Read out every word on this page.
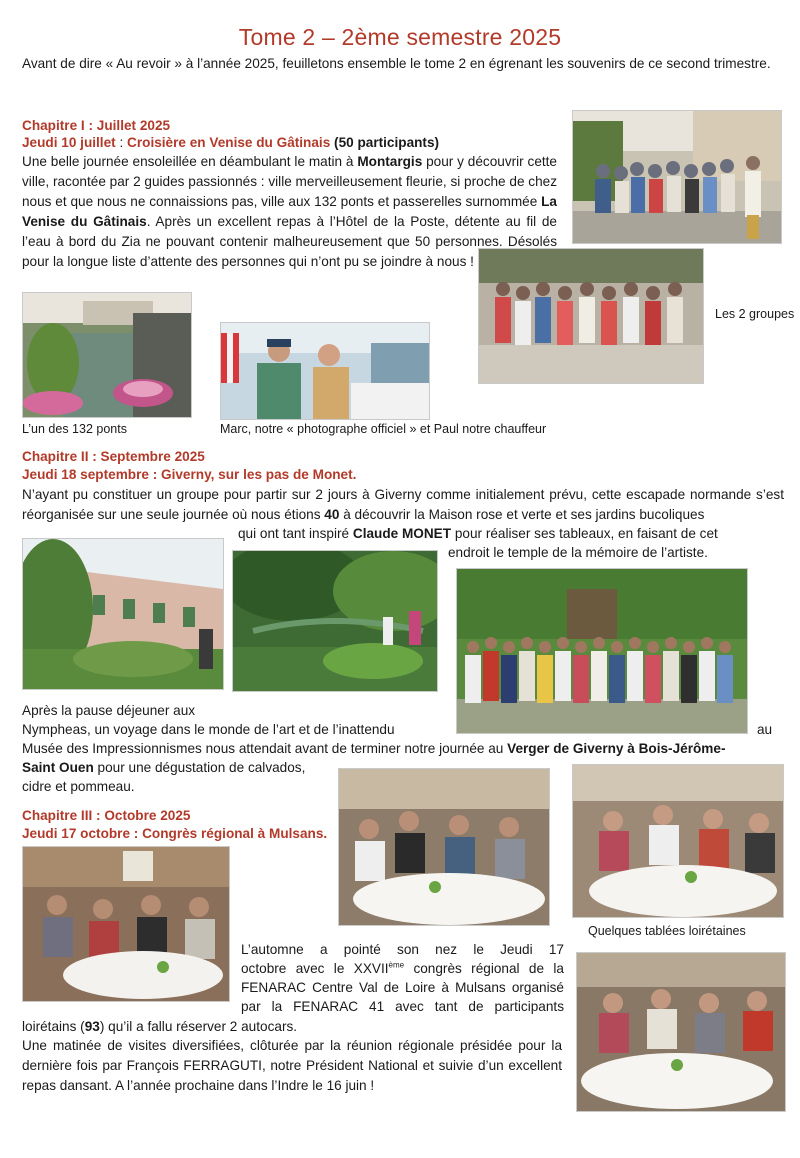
Tome 2 – 2ème semestre 2025
Avant de dire « Au revoir » à l’année 2025, feuilletons ensemble le tome 2 en égrenant les souvenirs de ce second trimestre.
Chapitre I : Juillet 2025
Jeudi 10 juillet : Croisière en Venise du Gâtinais (50 participants)
Une belle journée ensoleillée en déambulant le matin à Montargis pour y découvrir cette ville, racontée par 2 guides passionnés : ville merveilleusement fleurie, si proche de chez nous et que nous ne connaissions pas, ville aux 132 ponts et passerelles surnommée La Venise du Gâtinais. Après un excellent repas à l’Hôtel de la Poste, détente au fil de l’eau à bord du Zia ne pouvant contenir malheureusement que 50 personnes. Désolés pour la longue liste d’attente des personnes qui n’ont pu se joindre à nous !
Les 2 groupes
L’un des 132 ponts	Marc, notre « photographe officiel » et Paul notre chauffeur
Chapitre II : Septembre 2025
Jeudi 18 septembre : Giverny, sur les pas de Monet.
N’ayant pu constituer un groupe pour partir sur 2 jours à Giverny comme initialement prévu, cette escapade normande s’est réorganisée sur une seule journée où nous étions 40 à découvrir la Maison rose et verte et ses jardins bucoliques
qui ont tant inspiré Claude MONET pour réaliser ses tableaux, en faisant de cet
endroit le temple de la mémoire de l’artiste.
Après la pause déjeuner aux
Nympheas, un voyage dans le monde de l’art et de l’inattendu	au
Musée des Impressionnismes nous attendait avant de terminer notre journée au Verger de Giverny à Bois-Jérôme-
Saint Ouen pour une dégustation de calvados,
cidre et pommeau.
Chapitre III : Octobre 2025
Jeudi 17 octobre : Congrès régional à Mulsans.
Quelques tablées loirétaines
L’automne a pointé son nez le Jeudi 17
octobre avec le XXVIIème congrès régional de la
FENARAC Centre Val de Loire à Mulsans organisé
par la FENARAC 41 avec tant de participants
loirétains (93) qu’il a fallu réserver 2 autocars.
Une matinée de visites diversifiées, clôturée par la réunion régionale présidée pour la dernière fois par François FERRAGUTI, notre Président National et suivie d’un excellent repas dansant. A l’année prochaine dans l’Indre le 16 juin !
